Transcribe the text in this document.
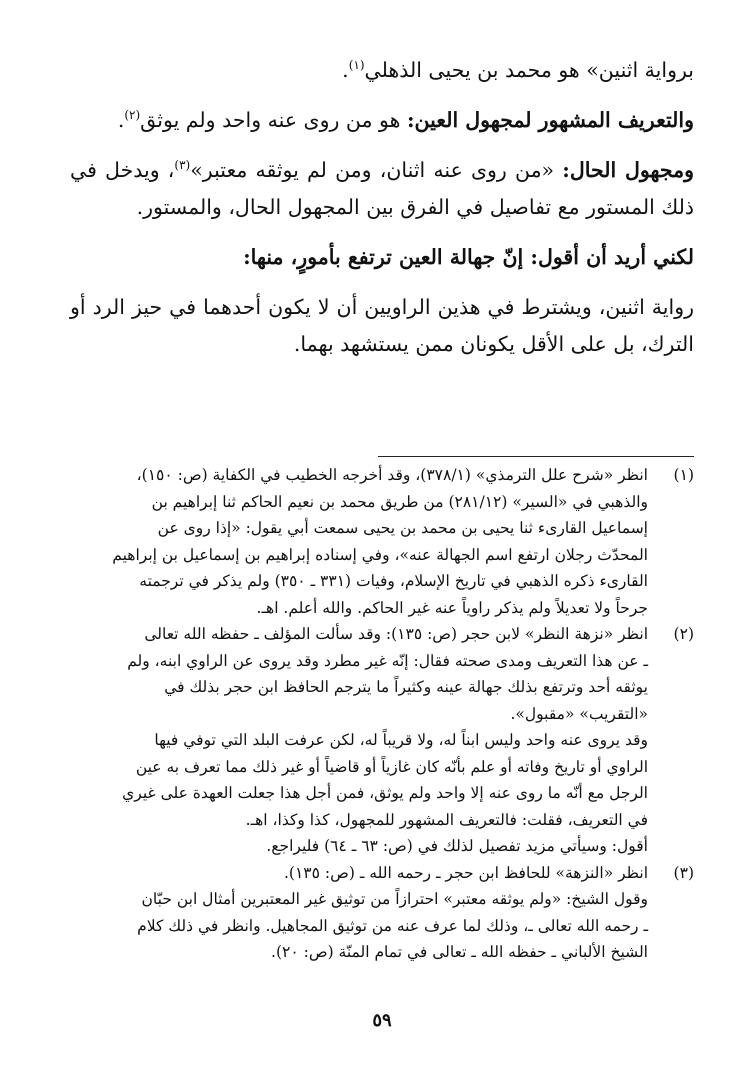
برواية اثنين» هو محمد بن يحيى الذهلي$^{(١)}$.

والتعريف المشهور لمجهول العين: هو من روى عنه واحد ولم يوثق$^{(٢)}$.

ومجهول الحال: «من روى عنه اثنان، ومن لم يوثقه معتبر»$^{(٣)}$، ويدخل في ذلك المستور مع تفاصيل في الفرق بين المجهول الحال، والمستور.

لكني أريد أن أقول: إنّ جهالة العين ترتفع بأمورٍ، منها:

رواية اثنين، ويشترط في هذين الراويين أن لا يكون أحدهما في حيز الرد أو الترك، بل على الأقل يكونان ممن يستشهد بهما.

(١)
انظر «شرح علل الترمذي» (٣٧٨/١)، وقد أخرجه الخطيب في الكفاية (ص: ١٥٠)،
والذهبي في «السير» (٢٨١/١٢) من طريق محمد بن نعيم الحاكم ثنا إبراهيم بن
إسماعيل القارىء ثنا يحيى بن محمد بن يحيى سمعت أبي يقول: «إذا روى عن
المحدّث رجلان ارتفع اسم الجهالة عنه»، وفي إسناده إبراهيم بن إسماعيل بن إبراهيم
القارىء ذكره الذهبي في تاريخ الإسلام، وفيات (٣٣١ ـ ٣٥٠) ولم يذكر في ترجمته
جرحاً ولا تعديلاً ولم يذكر راوياً عنه غير الحاكم. والله أعلم. اهـ.
(٢)
انظر «نزهة النظر» لابن حجر (ص: ١٣٥): وقد سألت المؤلف ـ حفظه الله تعالى
ـ عن هذا التعريف ومدى صحته فقال: إنّه غير مطرد وقد يروى عن الراوي ابنه، ولم
يوثقه أحد وترتفع بذلك جهالة عينه وكثيراً ما يترجم الحافظ ابن حجر بذلك في
«التقريب» «مقبول».
وقد يروى عنه واحد وليس ابناً له، ولا قريباً له، لكن عرفت البلد التي توفي فيها
الراوي أو تاريخ وفاته أو علم بأنّه كان غازياً أو قاضياً أو غير ذلك مما تعرف به عين
الرجل مع أنّه ما روى عنه إلا واحد ولم يوثق، فمن أجل هذا جعلت العهدة على غيري
في التعريف، فقلت: فالتعريف المشهور للمجهول، كذا وكذا، اهـ.
أقول: وسيأتي مزيد تفصيل لذلك في (ص: ٦٣ ـ ٦٤) فليراجع.
(٣)
انظر «النزهة» للحافظ ابن حجر ـ رحمه الله ـ (ص: ١٣٥).
وقول الشيخ: «ولم يوثقه معتبر» احترازاً من توثيق غير المعتبرين أمثال ابن حبّان
ـ رحمه الله تعالى ـ، وذلك لما عرف عنه من توثيق المجاهيل. وانظر في ذلك كلام
الشيخ الألباني ـ حفظه الله ـ تعالى في تمام المنّة (ص: ٢٠).
٥٩
